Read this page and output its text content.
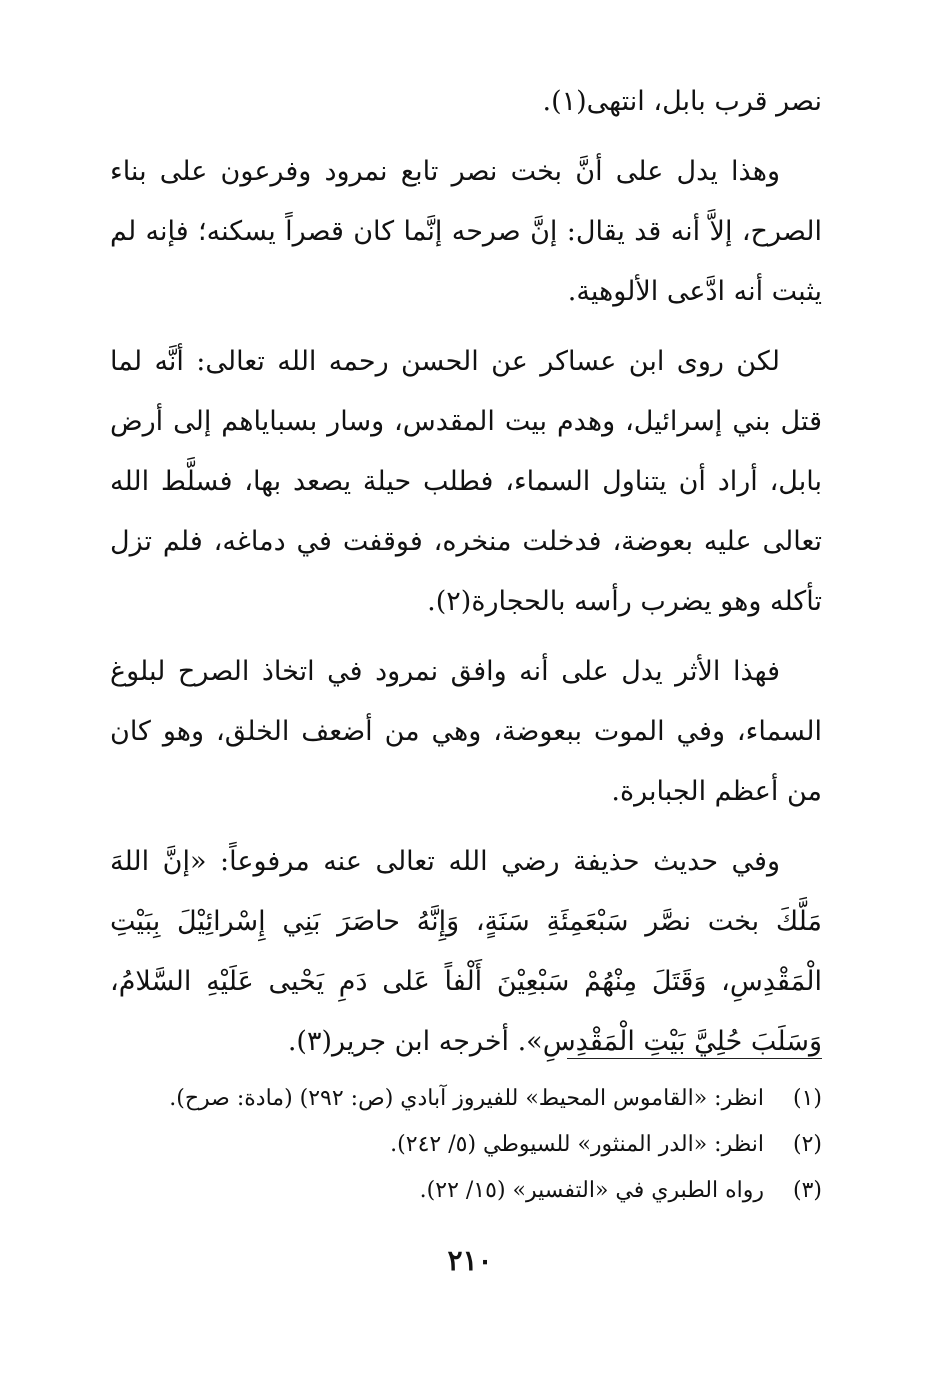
نصر قرب بابل، انتهى(١).

وهذا يدل على أنَّ بخت نصر تابع نمرود وفرعون على بناء الصرح، إلاَّ أنه قد يقال: إنَّ صرحه إنَّما كان قصراً يسكنه؛ فإنه لم يثبت أنه ادَّعى الألوهية.

لكن روى ابن عساكر عن الحسن رحمه الله تعالى: أنَّه لما قتل بني إسرائيل، وهدم بيت المقدس، وسار بسباياهم إلى أرض بابل، أراد أن يتناول السماء، فطلب حيلة يصعد بها، فسلَّط الله تعالى عليه بعوضة، فدخلت منخره، فوقفت في دماغه، فلم تزل تأكله وهو يضرب رأسه بالحجارة(٢).

فهذا الأثر يدل على أنه وافق نمرود في اتخاذ الصرح لبلوغ السماء، وفي الموت ببعوضة، وهي من أضعف الخلق، وهو كان من أعظم الجبابرة.

وفي حديث حذيفة رضي الله تعالى عنه مرفوعاً: «إنَّ اللهَ مَلَّكَ بخت نصَّر سَبْعَمِئَةِ سَنَةٍ، وَإِنَّهُ حاصَرَ بَنِي إِسْرائِيْلَ بِبَيْتِ الْمَقْدِسِ، وَقَتَلَ مِنْهُمْ سَبْعِيْنَ أَلْفاً عَلى دَمِ يَحْيى عَلَيْهِ السَّلامُ، وَسَلَبَ حُلِيَّ بَيْتِ الْمَقْدِسِ». أخرجه ابن جرير(٣).

(١)انظر: «القاموس المحيط» للفيروز آبادي (ص: ٢٩٢) (مادة: صرح).
(٢)انظر: «الدر المنثور» للسيوطي (٥/ ٢٤٢).
(٣)رواه الطبري في «التفسير» (١٥/ ٢٢).
٢١٠
